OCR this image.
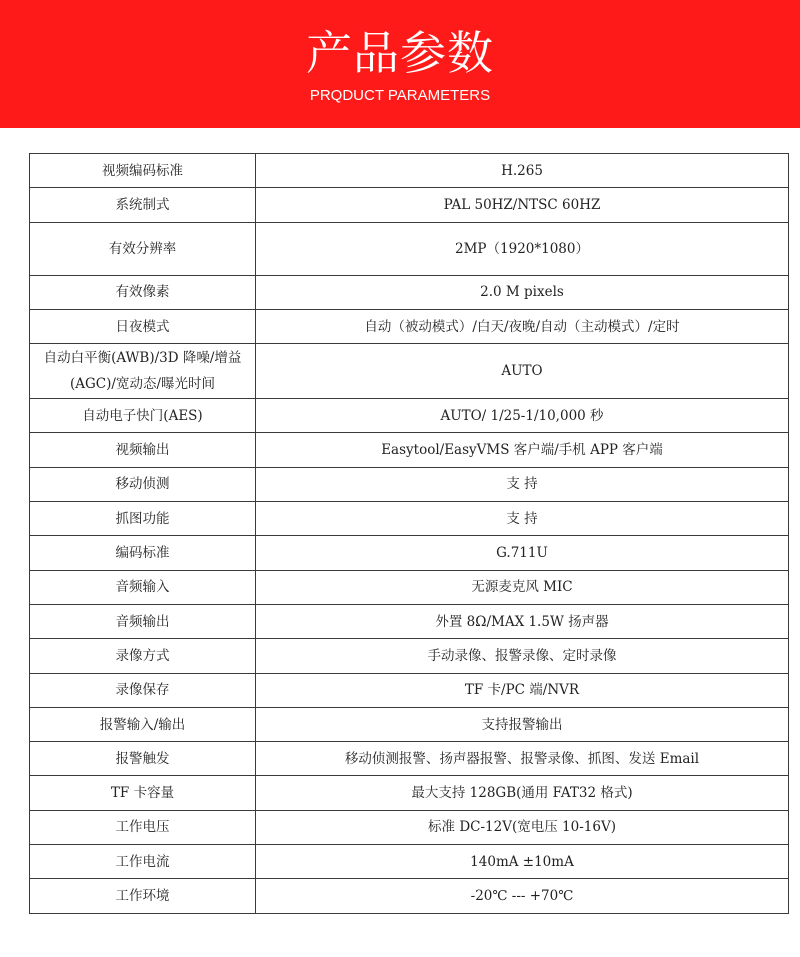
产品参数
PRQDUCT PARAMETERS
视频编码标准	H.265
系统制式	PAL 50HZ/NTSC 60HZ
有效分辨率	2MP（1920*1080）
有效像素	2.0 M pixels
日夜模式	自动（被动模式）/白天/夜晚/自动（主动模式）/定时
自动白平衡(AWB)/3D 降噪/增益(AGC)/宽动态/曝光时间	AUTO
自动电子快门(AES)	AUTO/ 1/25-1/10,000 秒
视频输出	Easytool/EasyVMS 客户端/手机 APP 客户端
移动侦测	支 持
抓图功能	支 持
编码标准	G.711U
音频输入	无源麦克风 MIC
音频输出	外置 8Ω/MAX 1.5W 扬声器
录像方式	手动录像、报警录像、定时录像
录像保存	TF 卡/PC 端/NVR
报警输入/输出	支持报警输出
报警触发	移动侦测报警、扬声器报警、报警录像、抓图、发送 Email
TF 卡容量	最大支持 128GB(通用 FAT32 格式)
工作电压	标准 DC-12V(宽电压 10-16V)
工作电流	140mA ±10mA
工作环境	-20℃ --- +70℃
